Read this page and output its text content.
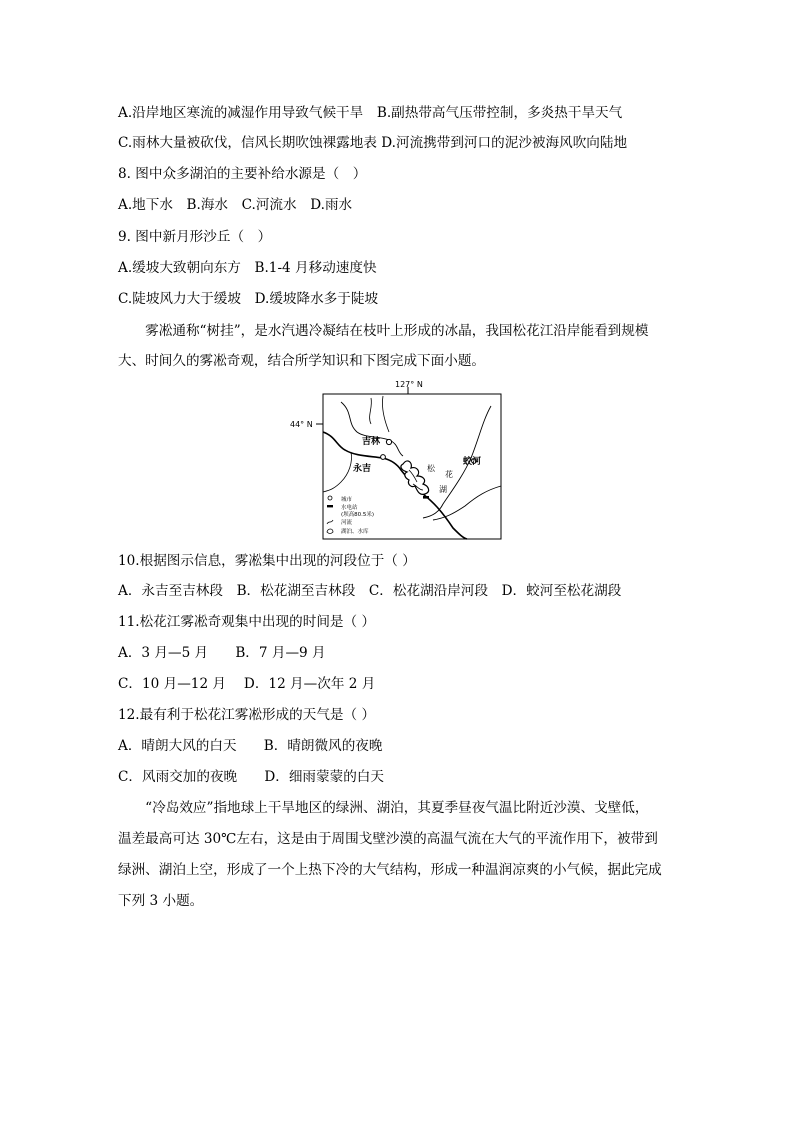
A.沿岸地区寒流的减湿作用导致气候干旱　B.副热带高气压带控制，多炎热干旱天气
C.雨林大量被砍伐，信风长期吹蚀裸露地表 D.河流携带到河口的泥沙被海风吹向陆地
8. 图中众多湖泊的主要补给水源是（　）
A.地下水　B.海水　C.河流水　D.雨水
9. 图中新月形沙丘（　）
A.缓坡大致朝向东方　B.1-4 月移动速度快
C.陡坡风力大于缓坡　D.缓坡降水多于陡坡
　　雾凇通称“树挂”，是水汽遇冷凝结在枝叶上形成的冰晶，我国松花江沿岸能看到规模
大、时间久的雾凇奇观，结合所学知识和下图完成下面小题。
127° N
44° N
吉林
永吉
蛟河
松
花
湖
城市
水电站
(坝高80.5米)
河流
湖泊、水库
10.根据图示信息，雾凇集中出现的河段位于（ ）
A．永吉至吉林段　B．松花湖至吉林段　C．松花湖沿岸河段　D．蛟河至松花湖段
11.松花江雾凇奇观集中出现的时间是（ ）
A．3 月—5 月　　B．7 月—9 月
C．10 月—12 月　 D．12 月—次年 2 月
12.最有利于松花江雾凇形成的天气是（ ）
A．晴朗大风的白天　　B．晴朗微风的夜晚
C．风雨交加的夜晚　　D．细雨蒙蒙的白天
　　“冷岛效应”指地球上干旱地区的绿洲、湖泊，其夏季昼夜气温比附近沙漠、戈壁低，
温差最高可达 30℃左右，这是由于周围戈壁沙漠的高温气流在大气的平流作用下，被带到
绿洲、湖泊上空，形成了一个上热下冷的大气结构，形成一种温润凉爽的小气候，据此完成
下列 3 小题。
